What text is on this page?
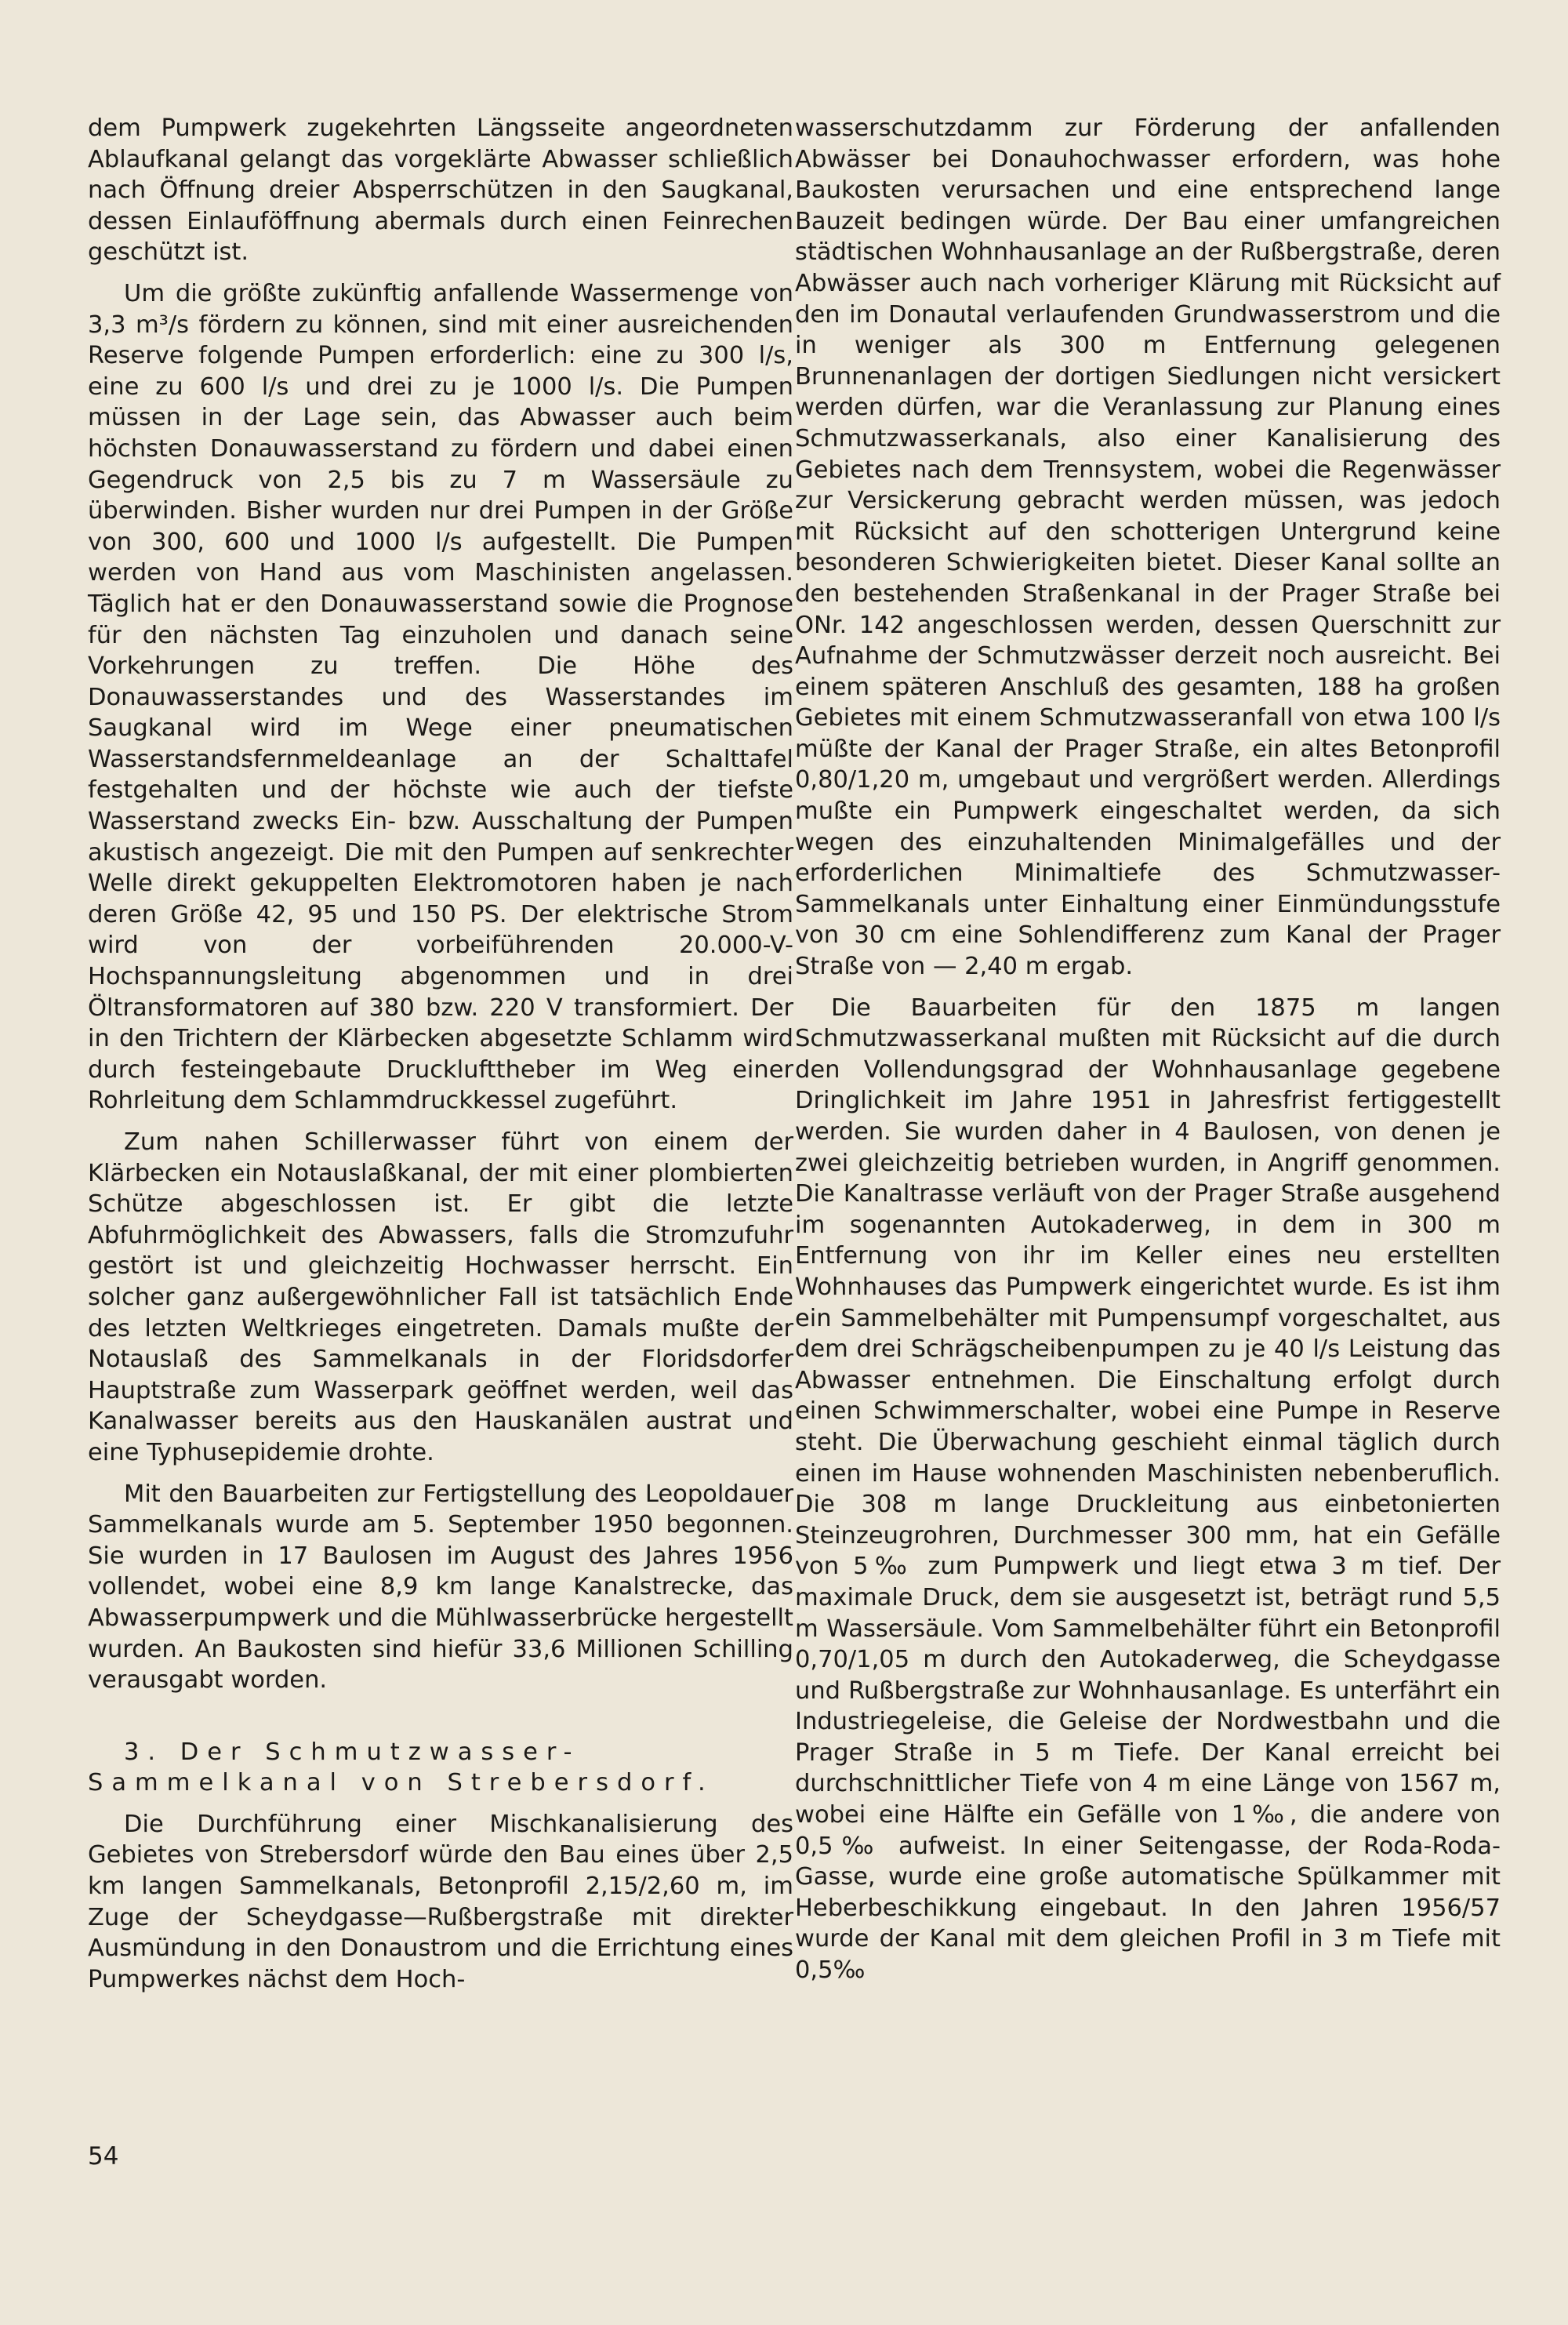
dem Pumpwerk zugekehrten Längsseite angeordneten Ablaufkanal gelangt das vorgeklärte Abwasser schließlich nach Öffnung dreier Absperrschützen in den Saugkanal, dessen Einlauföffnung abermals durch einen Feinrechen geschützt ist.

Um die größte zukünftig anfallende Wassermenge von 3,3 m³/s fördern zu können, sind mit einer ausreichenden Reserve folgende Pumpen erforderlich: eine zu 300 l/s, eine zu 600 l/s und drei zu je 1000 l/s. Die Pumpen müssen in der Lage sein, das Abwasser auch beim höchsten Donauwasserstand zu fördern und dabei einen Gegendruck von 2,5 bis zu 7 m Wassersäule zu überwinden. Bisher wurden nur drei Pumpen in der Größe von 300, 600 und 1000 l/s aufgestellt. Die Pumpen werden von Hand aus vom Maschinisten angelassen. Täglich hat er den Donauwasserstand sowie die Prognose für den nächsten Tag einzuholen und danach seine Vorkehrungen zu treffen. Die Höhe des Donauwasserstandes und des Wasserstandes im Saugkanal wird im Wege einer pneumatischen Wasserstandsfernmeldeanlage an der Schalttafel festgehalten und der höchste wie auch der tiefste Wasserstand zwecks Ein- bzw. Ausschaltung der Pumpen akustisch angezeigt. Die mit den Pumpen auf senkrechter Welle direkt gekuppelten Elektromotoren haben je nach deren Größe 42, 95 und 150 PS. Der elektrische Strom wird von der vorbeiführenden 20.000-V-Hochspannungsleitung abgenommen und in drei Öltransformatoren auf 380 bzw. 220 V transformiert. Der in den Trichtern der Klärbecken abgesetzte Schlamm wird durch festeingebaute Drucklufttheber im Weg einer Rohrleitung dem Schlammdruckkessel zugeführt.

Zum nahen Schillerwasser führt von einem der Klärbecken ein Notauslaßkanal, der mit einer plombierten Schütze abgeschlossen ist. Er gibt die letzte Abfuhrmöglichkeit des Abwassers, falls die Stromzufuhr gestört ist und gleichzeitig Hochwasser herrscht. Ein solcher ganz außergewöhnlicher Fall ist tatsächlich Ende des letzten Weltkrieges eingetreten. Damals mußte der Notauslaß des Sammelkanals in der Floridsdorfer Hauptstraße zum Wasserpark geöffnet werden, weil das Kanalwasser bereits aus den Hauskanälen austrat und eine Typhusepidemie drohte.

Mit den Bauarbeiten zur Fertigstellung des Leopoldauer Sammelkanals wurde am 5. September 1950 begonnen. Sie wurden in 17 Baulosen im August des Jahres 1956 vollendet, wobei eine 8,9 km lange Kanalstrecke, das Abwasserpumpwerk und die Mühlwasserbrücke hergestellt wurden. An Baukosten sind hiefür 33,6 Millionen Schilling verausgabt worden.

3. Der Schmutzwasser-Sammelkanal von Strebersdorf.

Die Durchführung einer Mischkanalisierung des Gebietes von Strebersdorf würde den Bau eines über 2,5 km langen Sammelkanals, Betonprofil 2,15/2,60 m, im Zuge der Scheydgasse—Rußbergstraße mit direkter Ausmündung in den Donaustrom und die Errichtung eines Pumpwerkes nächst dem Hoch-

wasserschutzdamm zur Förderung der anfallenden Abwässer bei Donauhochwasser erfordern, was hohe Baukosten verursachen und eine entsprechend lange Bauzeit bedingen würde. Der Bau einer umfangreichen städtischen Wohnhausanlage an der Rußbergstraße, deren Abwässer auch nach vorheriger Klärung mit Rücksicht auf den im Donautal verlaufenden Grundwasserstrom und die in weniger als 300 m Entfernung gelegenen Brunnenanlagen der dortigen Siedlungen nicht versickert werden dürfen, war die Veranlassung zur Planung eines Schmutzwasserkanals, also einer Kanalisierung des Gebietes nach dem Trennsystem, wobei die Regenwässer zur Versickerung gebracht werden müssen, was jedoch mit Rücksicht auf den schotterigen Untergrund keine besonderen Schwierigkeiten bietet. Dieser Kanal sollte an den bestehenden Straßenkanal in der Prager Straße bei ONr. 142 angeschlossen werden, dessen Querschnitt zur Aufnahme der Schmutzwässer derzeit noch ausreicht. Bei einem späteren Anschluß des gesamten, 188 ha großen Gebietes mit einem Schmutzwasseranfall von etwa 100 l/s müßte der Kanal der Prager Straße, ein altes Betonprofil 0,80/1,20 m, umgebaut und vergrößert werden. Allerdings mußte ein Pumpwerk eingeschaltet werden, da sich wegen des einzuhaltenden Minimalgefälles und der erforderlichen Minimaltiefe des Schmutzwasser-Sammelkanals unter Einhaltung einer Einmündungsstufe von 30 cm eine Sohlendifferenz zum Kanal der Prager Straße von — 2,40 m ergab.

Die Bauarbeiten für den 1875 m langen Schmutzwasserkanal mußten mit Rücksicht auf die durch den Vollendungsgrad der Wohnhausanlage gegebene Dringlichkeit im Jahre 1951 in Jahresfrist fertiggestellt werden. Sie wurden daher in 4 Baulosen, von denen je zwei gleichzeitig betrieben wurden, in Angriff genommen. Die Kanaltrasse verläuft von der Prager Straße ausgehend im sogenannten Autokaderweg, in dem in 300 m Entfernung von ihr im Keller eines neu erstellten Wohnhauses das Pumpwerk eingerichtet wurde. Es ist ihm ein Sammelbehälter mit Pumpensumpf vorgeschaltet, aus dem drei Schrägscheibenpumpen zu je 40 l/s Leistung das Abwasser entnehmen. Die Einschaltung erfolgt durch einen Schwimmerschalter, wobei eine Pumpe in Reserve steht. Die Überwachung geschieht einmal täglich durch einen im Hause wohnenden Maschinisten nebenberuflich. Die 308 m lange Druckleitung aus einbetonierten Steinzeugrohren, Durchmesser 300 mm, hat ein Gefälle von 5‰ zum Pumpwerk und liegt etwa 3 m tief. Der maximale Druck, dem sie ausgesetzt ist, beträgt rund 5,5 m Wassersäule. Vom Sammelbehälter führt ein Betonprofil 0,70/1,05 m durch den Autokaderweg, die Scheydgasse und Rußbergstraße zur Wohnhausanlage. Es unterfährt ein Industriegeleise, die Geleise der Nordwestbahn und die Prager Straße in 5 m Tiefe. Der Kanal erreicht bei durchschnittlicher Tiefe von 4 m eine Länge von 1567 m, wobei eine Hälfte ein Gefälle von 1‰, die andere von 0,5‰ aufweist. In einer Seitengasse, der Roda-Roda-Gasse, wurde eine große automatische Spülkammer mit Heberbeschikkung eingebaut. In den Jahren 1956/57 wurde der Kanal mit dem gleichen Profil in 3 m Tiefe mit 0,5‰

54
